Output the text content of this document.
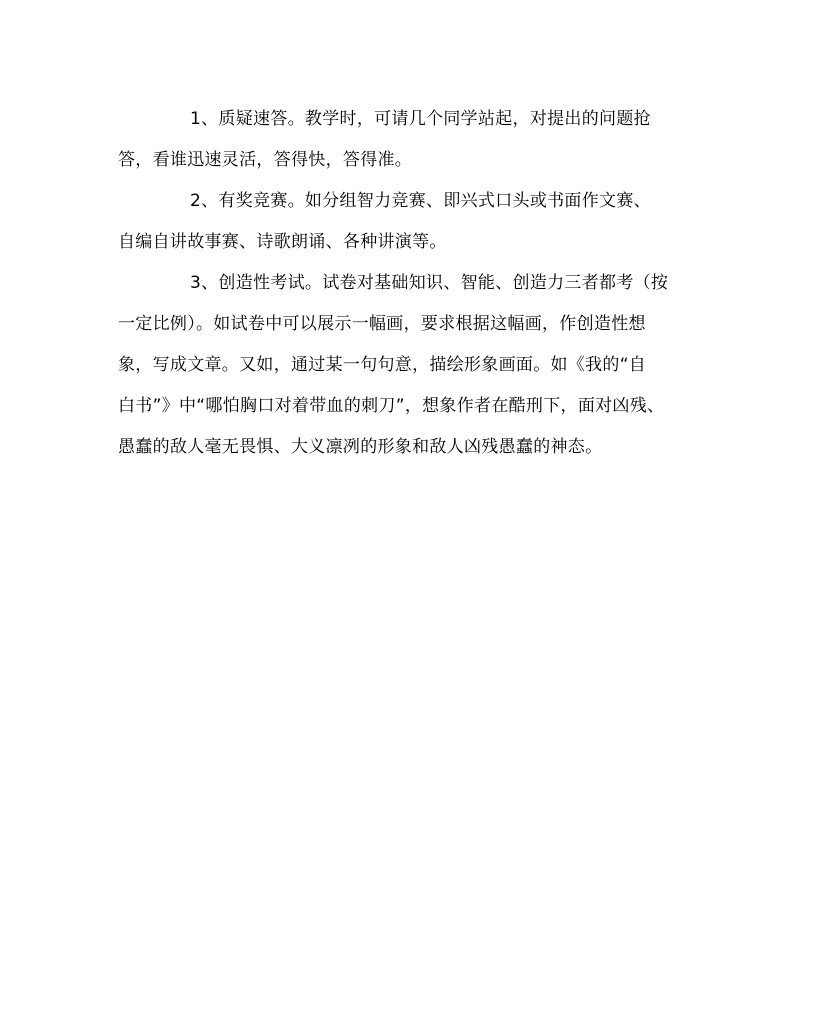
1、质疑速答。教学时，可请几个同学站起，对提出的问题抢

答，看谁迅速灵活，答得快，答得准。

2、有奖竞赛。如分组智力竞赛、即兴式口头或书面作文赛、

自编自讲故事赛、诗歌朗诵、各种讲演等。

3、创造性考试。试卷对基础知识、智能、创造力三者都考（按

一定比例）。如试卷中可以展示一幅画，要求根据这幅画，作创造性想

象，写成文章。又如，通过某一句句意，描绘形象画面。如《我的“自

白书”》中“哪怕胸口对着带血的刺刀”，想象作者在酷刑下，面对凶残、

愚蠢的敌人毫无畏惧、大义凛冽的形象和敌人凶残愚蠢的神态。
